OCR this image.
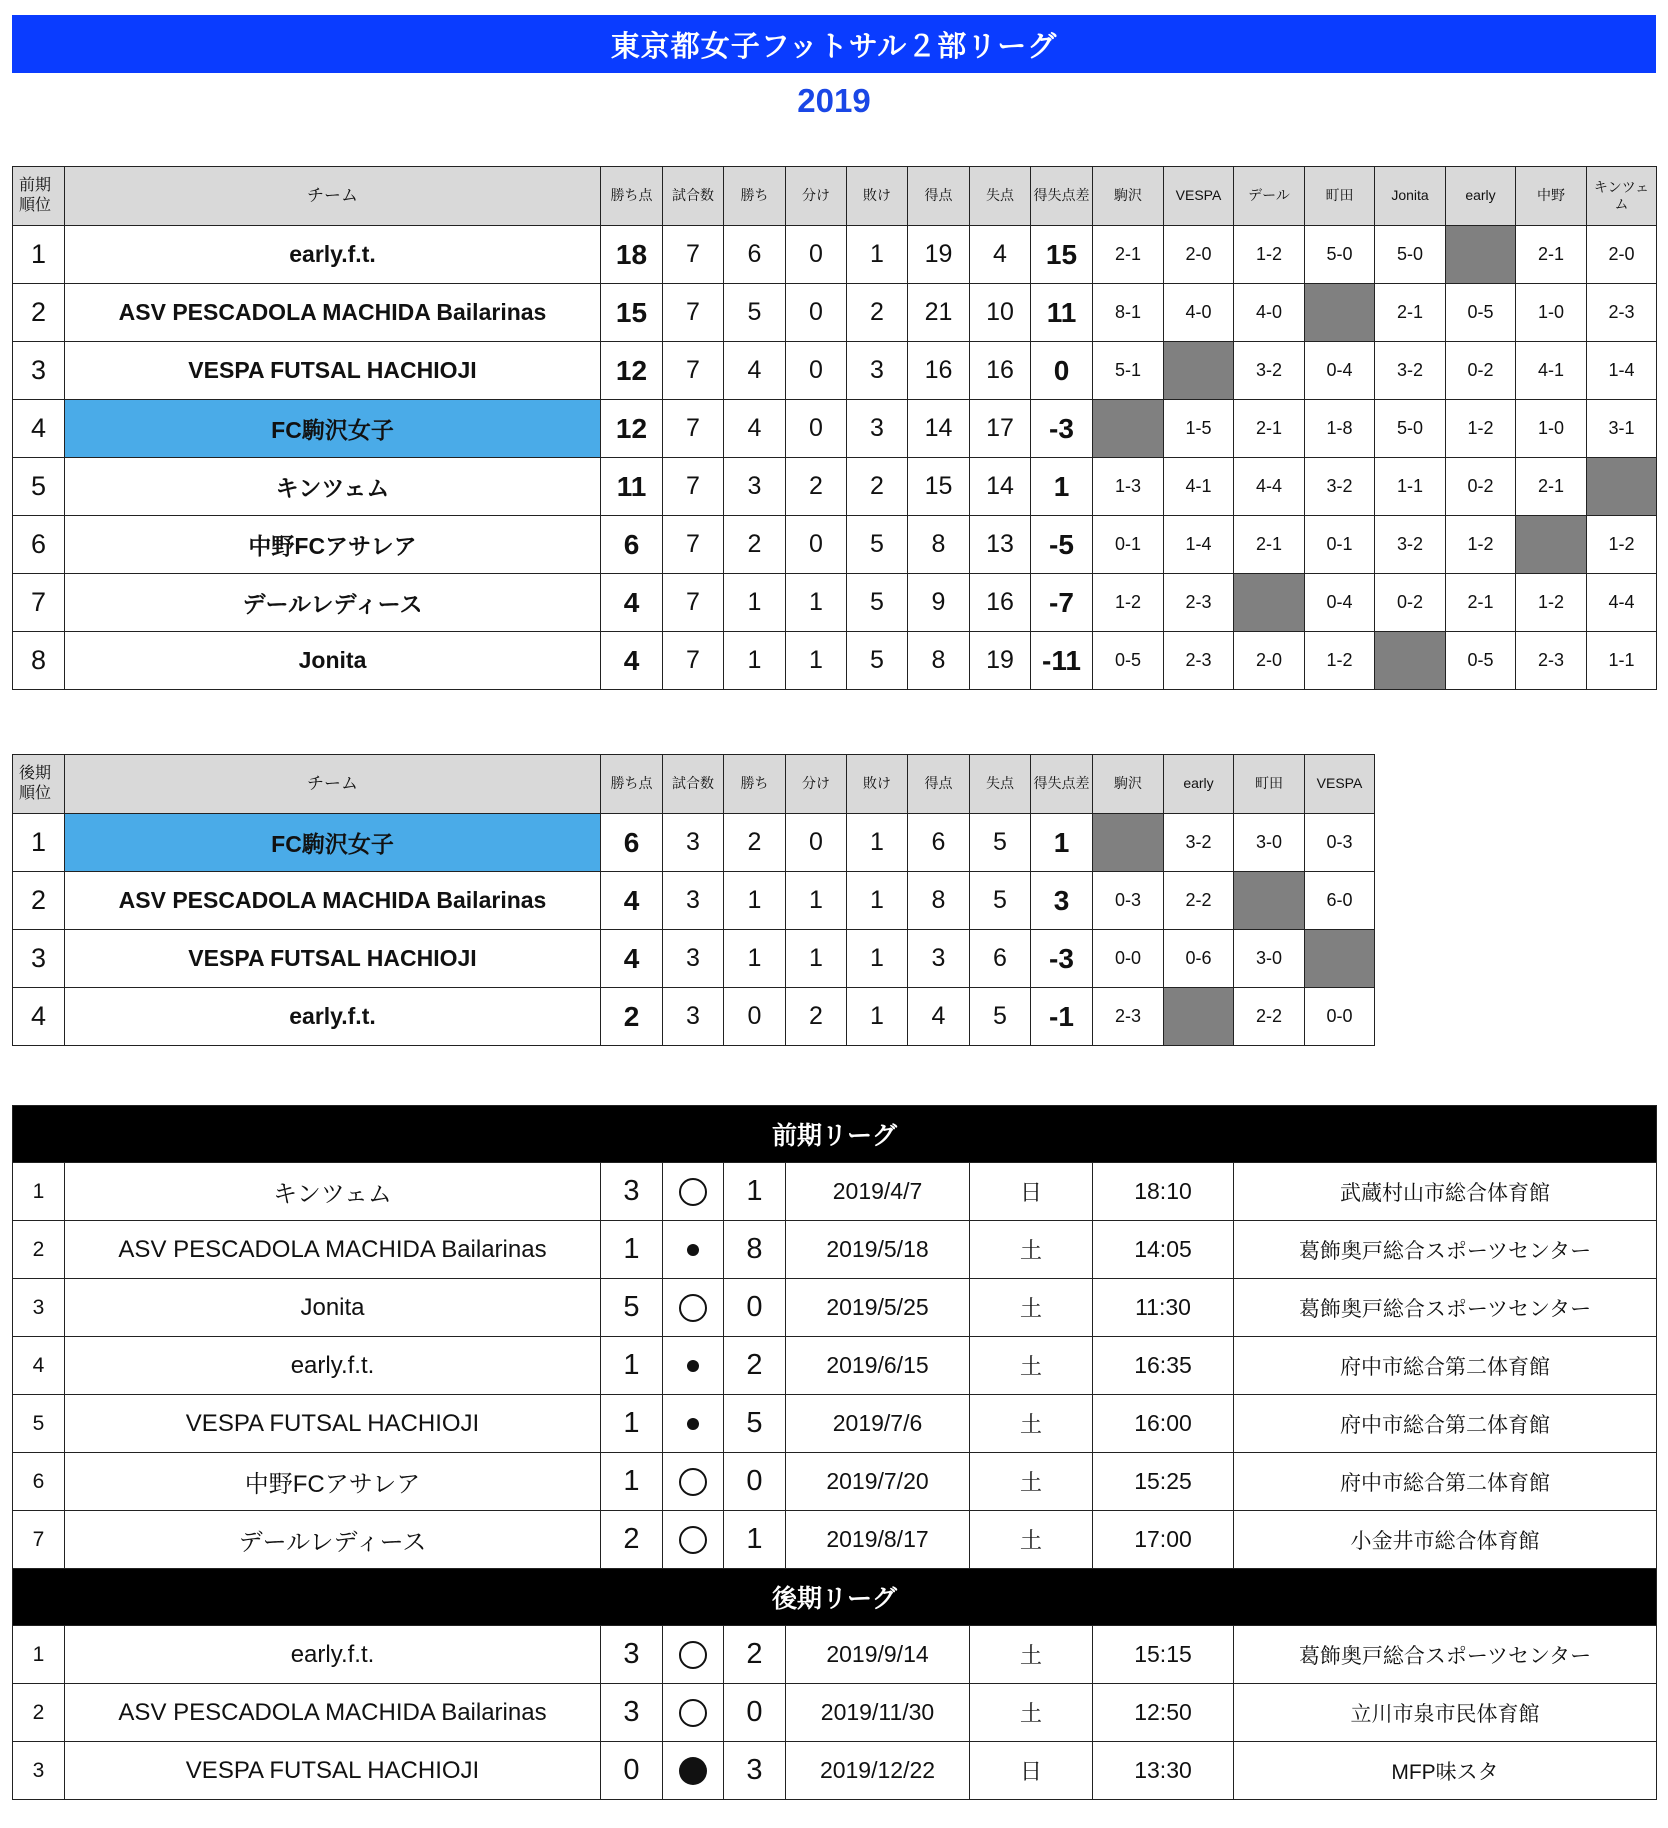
東京都女子フットサル２部リーグ
2019
前期
順位	チーム	勝ち点	試合数	勝ち	分け	敗け	得点	失点	得失点差	駒沢	VESPA	デール	町田	Jonita	early	中野	キンツェム
1	early.f.t.	18	7	6	0	1	19	4	15	2-1	2-0	1-2	5-0	5-0		2-1	2-0
2	ASV PESCADOLA MACHIDA Bailarinas	15	7	5	0	2	21	10	11	8-1	4-0	4-0		2-1	0-5	1-0	2-3
3	VESPA FUTSAL HACHIOJI	12	7	4	0	3	16	16	0	5-1		3-2	0-4	3-2	0-2	4-1	1-4
4	FC駒沢女子	12	7	4	0	3	14	17	-3		1-5	2-1	1-8	5-0	1-2	1-0	3-1
5	キンツェム	11	7	3	2	2	15	14	1	1-3	4-1	4-4	3-2	1-1	0-2	2-1	
6	中野FCアサレア	6	7	2	0	5	8	13	-5	0-1	1-4	2-1	0-1	3-2	1-2		1-2
7	デールレディース	4	7	1	1	5	9	16	-7	1-2	2-3		0-4	0-2	2-1	1-2	4-4
8	Jonita	4	7	1	1	5	8	19	-11	0-5	2-3	2-0	1-2		0-5	2-3	1-1
後期
順位	チーム	勝ち点	試合数	勝ち	分け	敗け	得点	失点	得失点差	駒沢	early	町田	VESPA
1	FC駒沢女子	6	3	2	0	1	6	5	1		3-2	3-0	0-3
2	ASV PESCADOLA MACHIDA Bailarinas	4	3	1	1	1	8	5	3	0-3	2-2		6-0
3	VESPA FUTSAL HACHIOJI	4	3	1	1	1	3	6	-3	0-0	0-6	3-0	
4	early.f.t.	2	3	0	2	1	4	5	-1	2-3		2-2	0-0
前期リーグ								
1	キンツェム	3		1	2019/4/7	日	18:10	武蔵村山市総合体育館
2	ASV PESCADOLA MACHIDA Bailarinas	1		8	2019/5/18	土	14:05	葛飾奥戸総合スポーツセンター
3	Jonita	5		0	2019/5/25	土	11:30	葛飾奥戸総合スポーツセンター
4	early.f.t.	1		2	2019/6/15	土	16:35	府中市総合第二体育館
5	VESPA FUTSAL HACHIOJI	1		5	2019/7/6	土	16:00	府中市総合第二体育館
6	中野FCアサレア	1		0	2019/7/20	土	15:25	府中市総合第二体育館
7	デールレディース	2		1	2019/8/17	土	17:00	小金井市総合体育館
後期リーグ								
1	early.f.t.	3		2	2019/9/14	土	15:15	葛飾奥戸総合スポーツセンター
2	ASV PESCADOLA MACHIDA Bailarinas	3		0	2019/11/30	土	12:50	立川市泉市民体育館
3	VESPA FUTSAL HACHIOJI	0		3	2019/12/22	日	13:30	MFP味スタ
